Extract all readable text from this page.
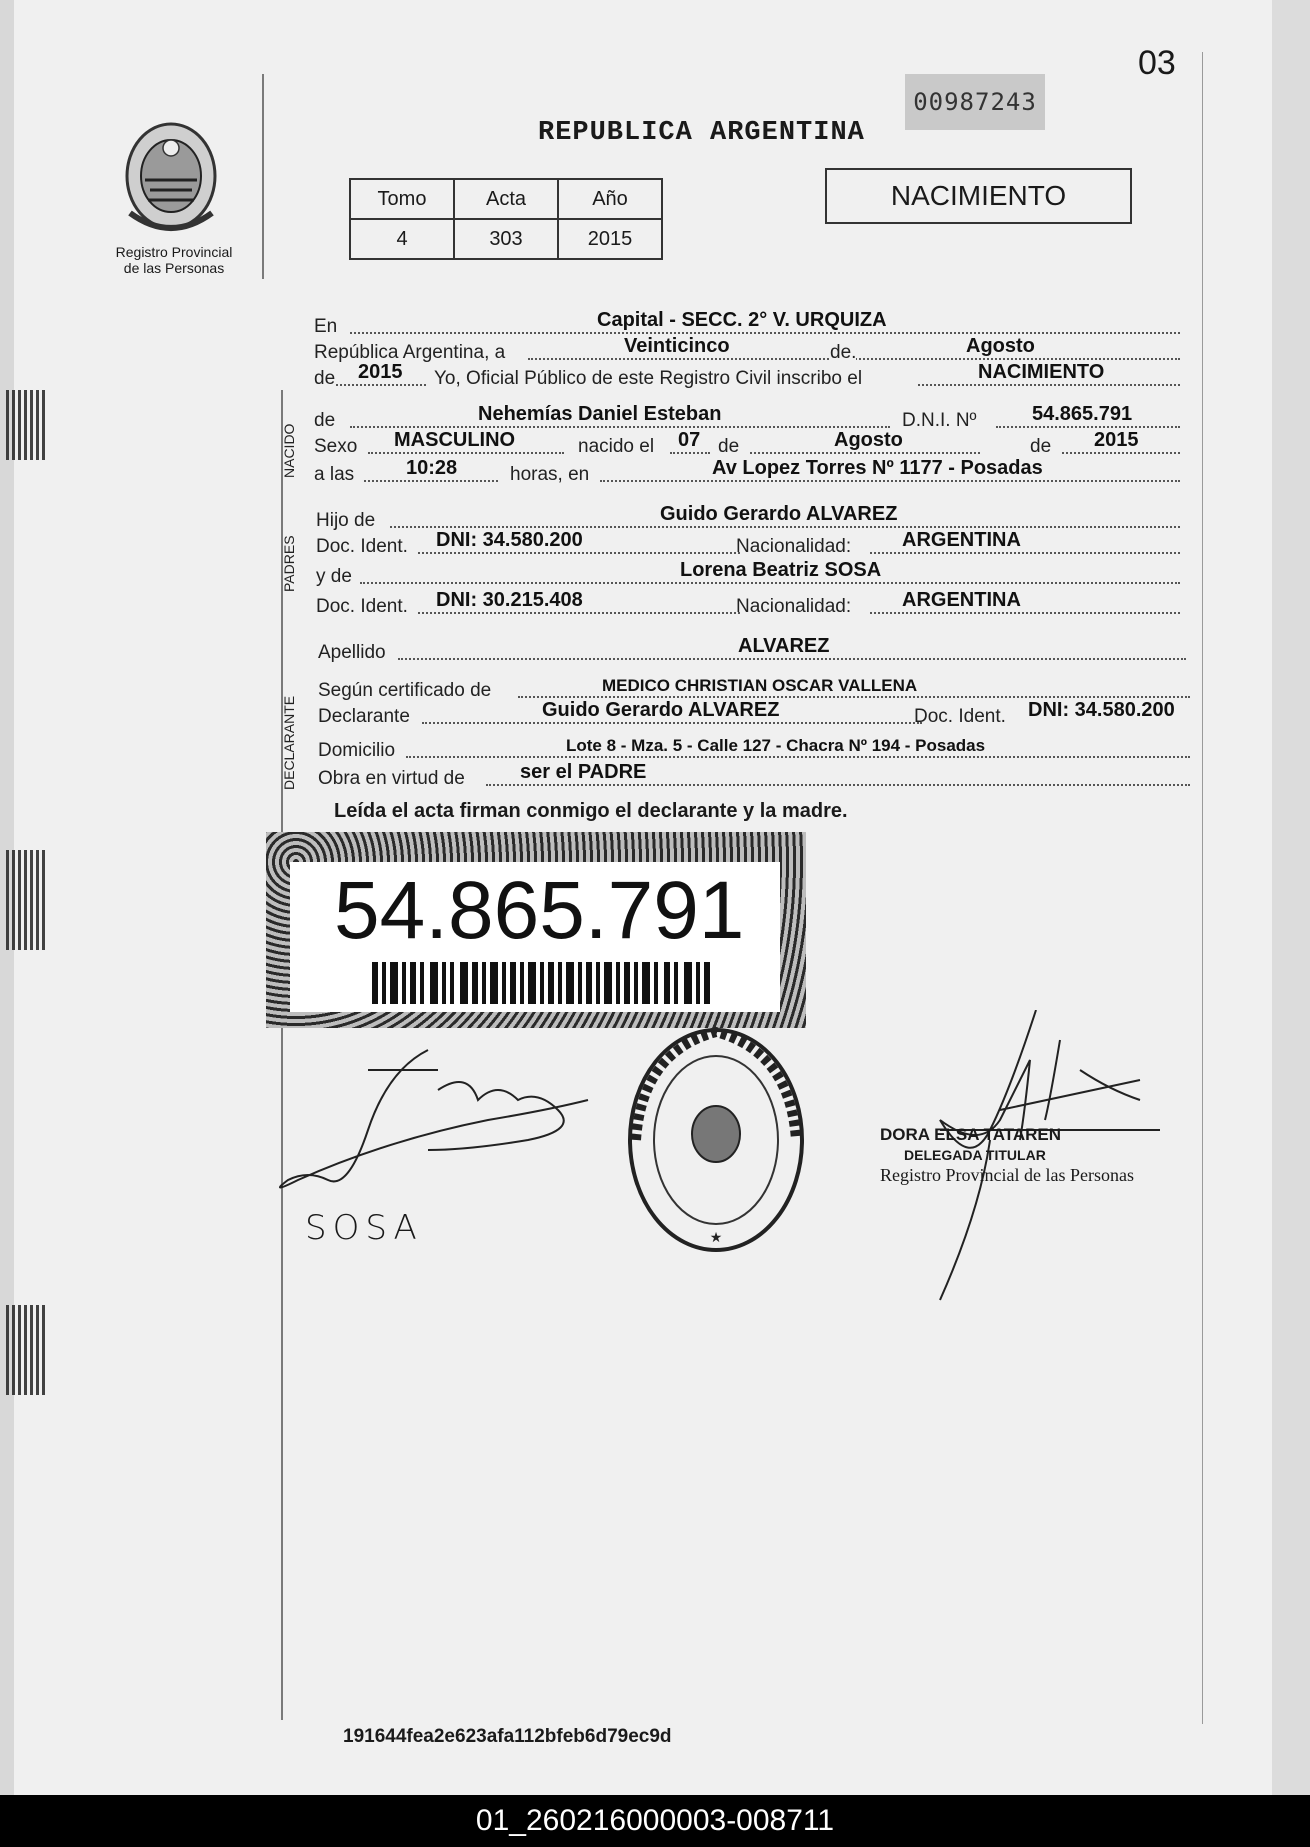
03
00987243
REPUBLICA ARGENTINA
Registro Provincial
de las Personas
Tomo	Acta	Año
4	303	2015
NACIMIENTO
En	Capital - SECC. 2° V. URQUIZA
República Argentina, a	Veinticinco	de.	Agosto
de 2015 Yo, Oficial Público de este Registro Civil inscribo el	NACIMIENTO
NACIDO
de	Nehemías Daniel Esteban	D.N.I. Nº	54.865.791
Sexo MASCULINO	nacido el 07 de	Agosto	de 2015
a las	10:28	horas, en	Av Lopez Torres Nº 1177 - Posadas
PADRES
Hijo de	Guido Gerardo ALVAREZ
Doc. Ident. DNI: 34.580.200	Nacionalidad:	ARGENTINA
y de	Lorena Beatriz SOSA
Doc. Ident. DNI: 30.215.408	Nacionalidad:	ARGENTINA
Apellido	ALVAREZ
DECLARANTE
Según certificado de	MEDICO CHRISTIAN OSCAR VALLENA
Declarante	Guido Gerardo ALVAREZ	Doc. Ident. DNI: 34.580.200
Domicilio	Lote 8 - Mza. 5 - Calle 127 - Chacra Nº 194 - Posadas
Obra en virtud de	ser el PADRE
Leída el acta firman conmigo el declarante y la madre.
54.865.791
SOSA	★
DORA ELSA TATAREN
DELEGADA TITULAR
Registro Provincial de las Personas
191644fea2e623afa112bfeb6d79ec9d
01_260216000003-008711
